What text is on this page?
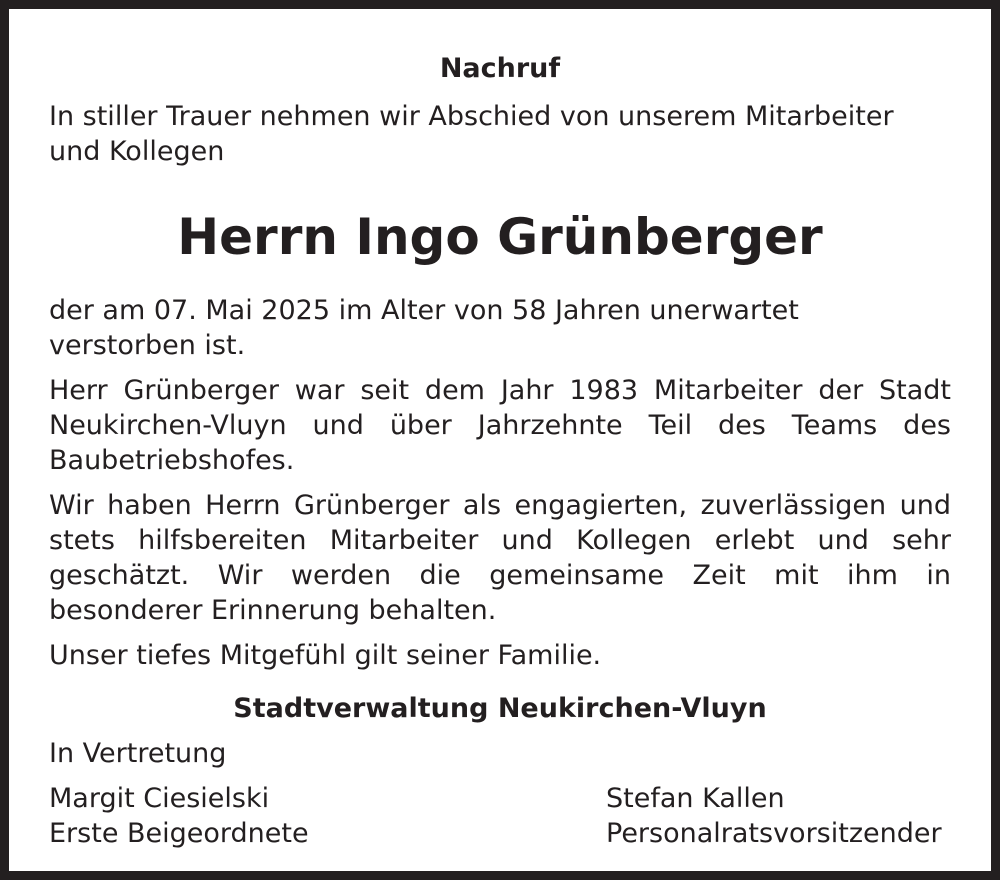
Nachruf

In stiller Trauer nehmen wir Abschied von unserem Mitarbeiter und Kollegen

Herrn Ingo Grünberger

der am 07. Mai 2025 im Alter von 58 Jahren unerwartet verstorben ist.

Herr Grünberger war seit dem Jahr 1983 Mitarbeiter der Stadt Neukirchen-Vluyn und über Jahrzehnte Teil des Teams des Baubetriebshofes.

Wir haben Herrn Grünberger als engagierten, zuverlässigen und stets hilfsbereiten Mitarbeiter und Kollegen erlebt und sehr geschätzt. Wir werden die gemeinsame Zeit mit ihm in besonderer Erinnerung behalten.

Unser tiefes Mitgefühl gilt seiner Familie.

Stadtverwaltung Neukirchen-Vluyn
In Vertretung
Margit Ciesielski
Erste Beigeordnete
Stefan Kallen
Personalratsvorsitzender
